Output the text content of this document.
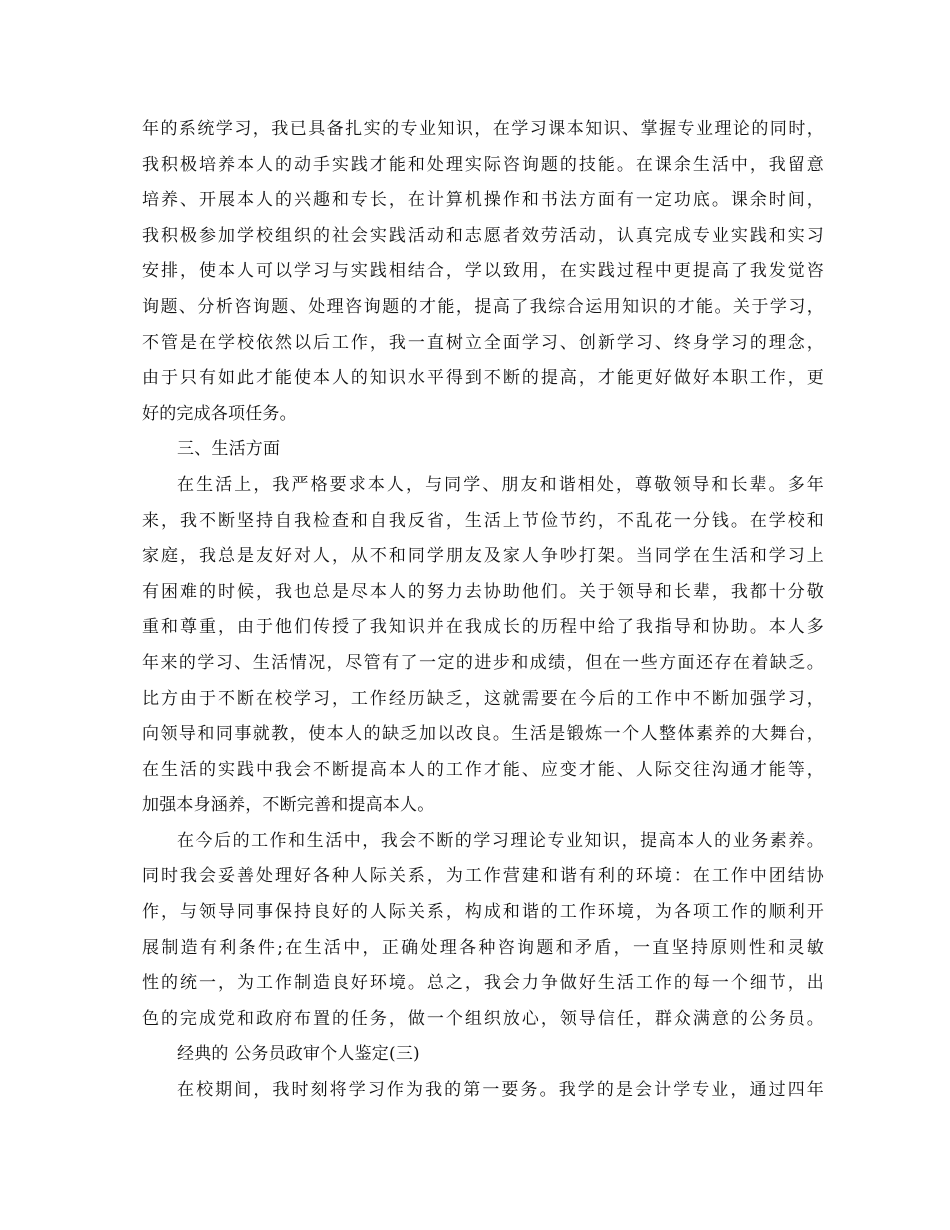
年的系统学习，我已具备扎实的专业知识，在学习课本知识、掌握专业理论的同时，
我积极培养本人的动手实践才能和处理实际咨询题的技能。在课余生活中，我留意
培养、开展本人的兴趣和专长，在计算机操作和书法方面有一定功底。课余时间，
我积极参加学校组织的社会实践活动和志愿者效劳活动，认真完成专业实践和实习
安排，使本人可以学习与实践相结合，学以致用，在实践过程中更提高了我发觉咨
询题、分析咨询题、处理咨询题的才能，提高了我综合运用知识的才能。关于学习，
不管是在学校依然以后工作，我一直树立全面学习、创新学习、终身学习的理念，
由于只有如此才能使本人的知识水平得到不断的提高，才能更好做好本职工作，更
好的完成各项任务。
三、生活方面
在生活上，我严格要求本人，与同学、朋友和谐相处，尊敬领导和长辈。多年
来，我不断坚持自我检查和自我反省，生活上节俭节约，不乱花一分钱。在学校和
家庭，我总是友好对人，从不和同学朋友及家人争吵打架。当同学在生活和学习上
有困难的时候，我也总是尽本人的努力去协助他们。关于领导和长辈，我都十分敬
重和尊重，由于他们传授了我知识并在我成长的历程中给了我指导和协助。本人多
年来的学习、生活情况，尽管有了一定的进步和成绩，但在一些方面还存在着缺乏。
比方由于不断在校学习，工作经历缺乏，这就需要在今后的工作中不断加强学习，
向领导和同事就教，使本人的缺乏加以改良。生活是锻炼一个人整体素养的大舞台，
在生活的实践中我会不断提高本人的工作才能、应变才能、人际交往沟通才能等，
加强本身涵养，不断完善和提高本人。
在今后的工作和生活中，我会不断的学习理论专业知识，提高本人的业务素养。
同时我会妥善处理好各种人际关系，为工作营建和谐有利的环境：在工作中团结协
作，与领导同事保持良好的人际关系，构成和谐的工作环境，为各项工作的顺利开
展制造有利条件;在生活中，正确处理各种咨询题和矛盾，一直坚持原则性和灵敏
性的统一，为工作制造良好环境。总之，我会力争做好生活工作的每一个细节，出
色的完成党和政府布置的任务，做一个组织放心，领导信任，群众满意的公务员。
经典的 公务员政审个人鉴定(三)
在校期间，我时刻将学习作为我的第一要务。我学的是会计学专业，通过四年
